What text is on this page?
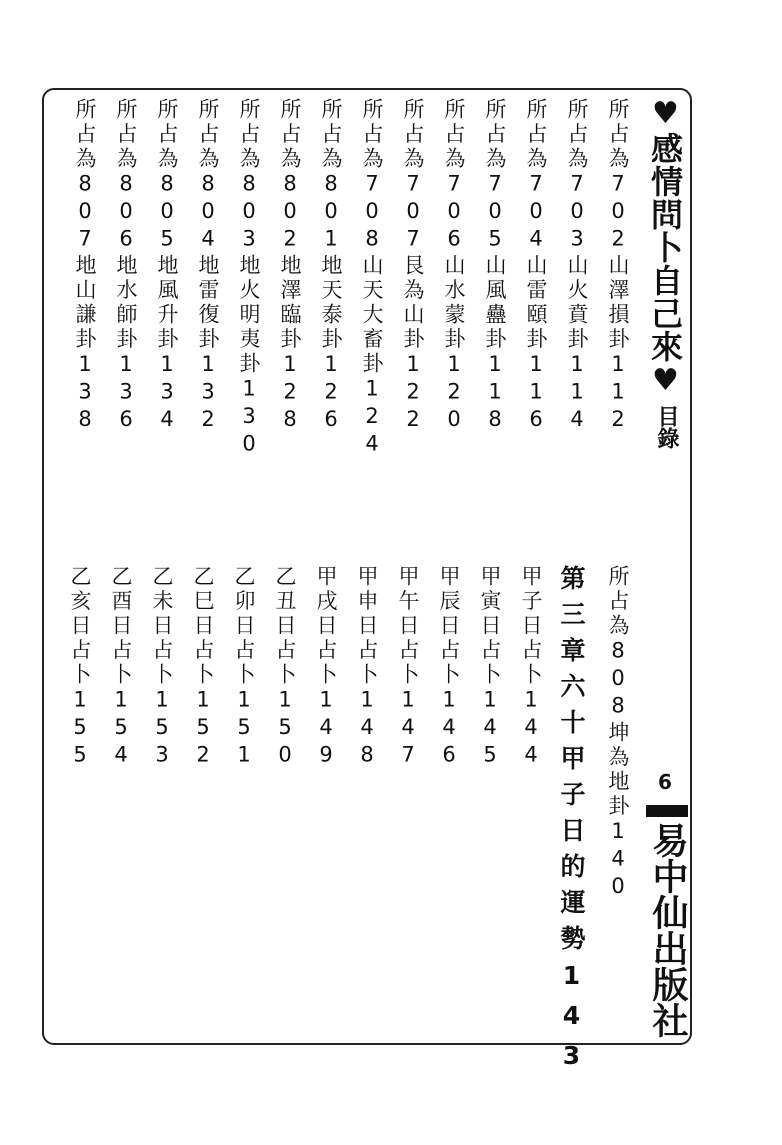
♥感情問卜自己來♥
目錄
6
易中仙出版社
所占為702山澤損卦112
所占為703山火賁卦114
所占為704山雷頤卦116
所占為705山風蠱卦118
所占為706山水蒙卦120
所占為707艮為山卦122
所占為708山天大畜卦124
所占為801地天泰卦126
所占為802地澤臨卦128
所占為803地火明夷卦130
所占為804地雷復卦132
所占為805地風升卦134
所占為806地水師卦136
所占為807地山謙卦138
所占為808坤為地卦140
第三章六十甲子日的運勢143
甲子日占卜144
甲寅日占卜145
甲辰日占卜146
甲午日占卜147
甲申日占卜148
甲戌日占卜149
乙丑日占卜150
乙卯日占卜151
乙巳日占卜152
乙未日占卜153
乙酉日占卜154
乙亥日占卜155
